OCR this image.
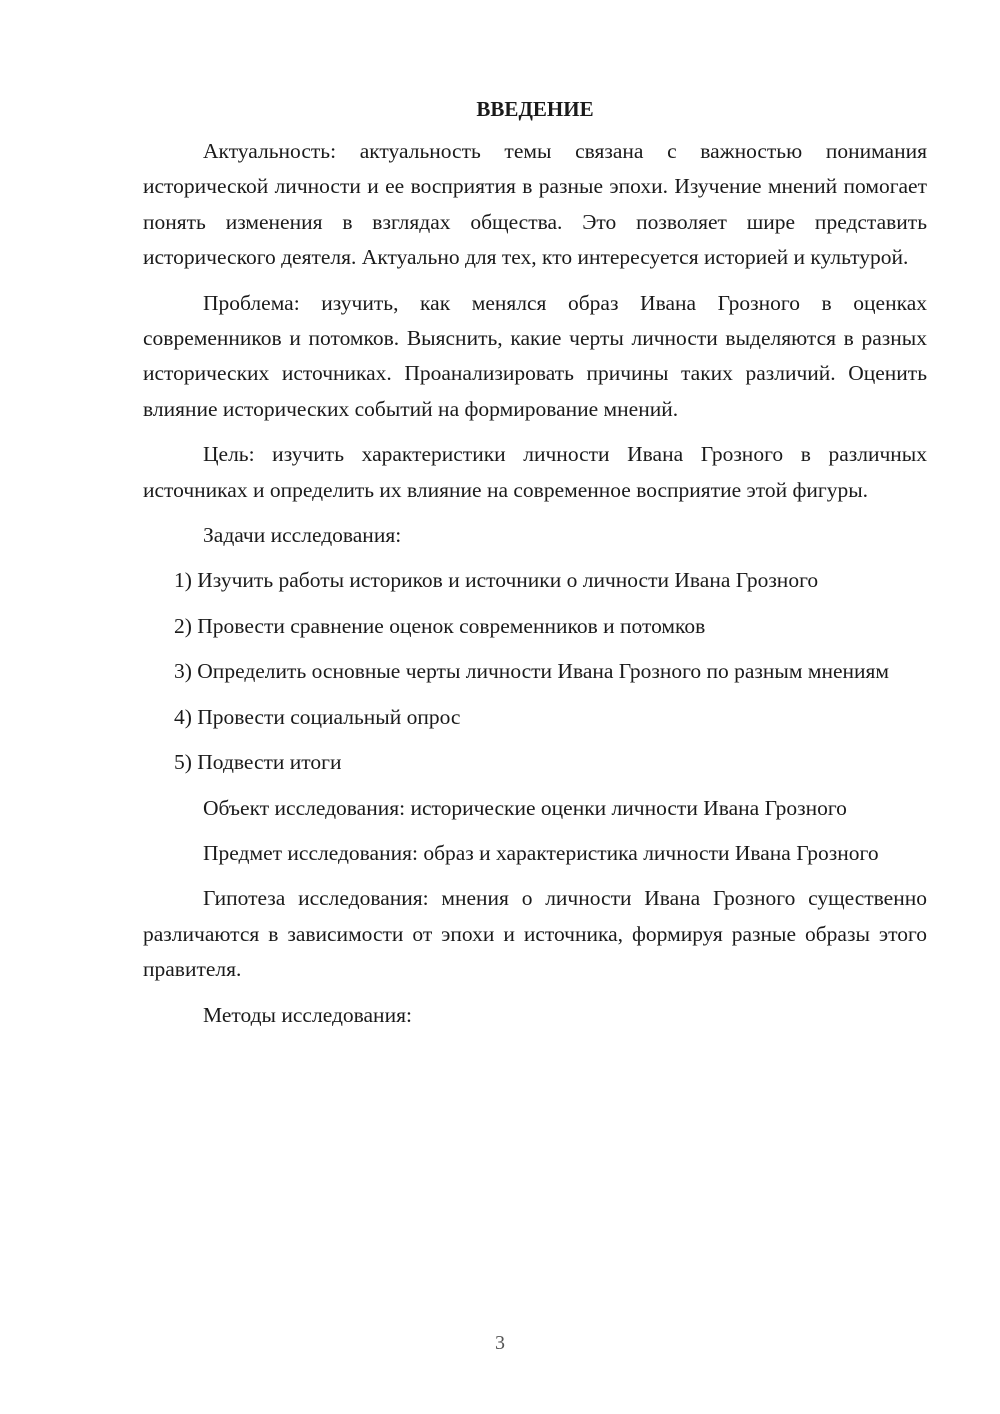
ВВЕДЕНИЕ

Актуальность: актуальность темы связана с важностью понимания исторической личности и ее восприятия в разные эпохи. Изучение мнений помогает понять изменения в взглядах общества. Это позволяет шире представить исторического деятеля. Актуально для тех, кто интересуется историей и культурой.

Проблема: изучить, как менялся образ Ивана Грозного в оценках современников и потомков. Выяснить, какие черты личности выделяются в разных исторических источниках. Проанализировать причины таких различий. Оценить влияние исторических событий на формирование мнений.

Цель: изучить характеристики личности Ивана Грозного в различных источниках и определить их влияние на современное восприятие этой фигуры.

Задачи исследования:

1) Изучить работы историков и источники о личности Ивана Грозного

2) Провести сравнение оценок современников и потомков

3) Определить основные черты личности Ивана Грозного по разным мнениям

4) Провести социальный опрос

5) Подвести итоги

Объект исследования: исторические оценки личности Ивана Грозного

Предмет исследования: образ и характеристика личности Ивана Грозного

Гипотеза исследования: мнения о личности Ивана Грозного существенно различаются в зависимости от эпохи и источника, формируя разные образы этого правителя.

Методы исследования:

3
